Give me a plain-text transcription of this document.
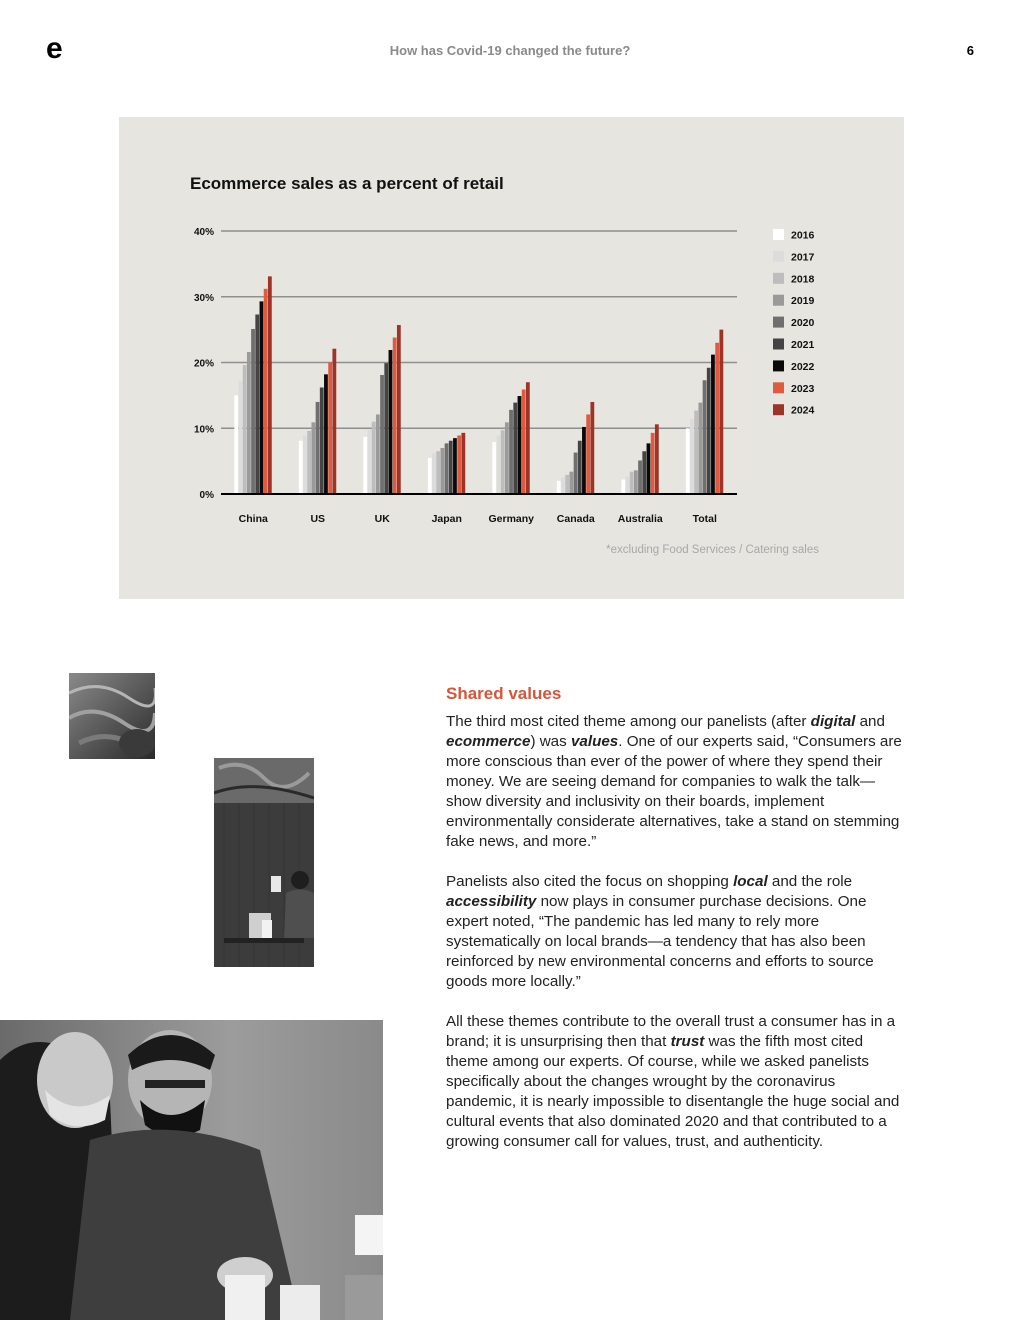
e	How has Covid-19 changed the future?	6
Ecommerce sales as a percent of retail
0%
10%
20%
30%
40%
China	US	UK	Japan	Germany Canada Australia	Total
2016
2017
2018
2019
2020
2021
2022
2023
2024
*excluding Food Services / Catering sales
Shared values

The third most cited theme among our panelists (after digital and ecommerce) was values. One of our experts said, “Consumers are more conscious than ever of the power of where they spend their money. We are seeing demand for companies to walk the talk—show diversity and inclusivity on their boards, implement environmentally considerate alternatives, take a stand on stemming fake news, and more.”

Panelists also cited the focus on shopping local and the role accessibility now plays in consumer purchase decisions. One expert noted, “The pandemic has led many to rely more systematically on local brands—a tendency that has also been reinforced by new environmental concerns and efforts to source goods more locally.”

All these themes contribute to the overall trust a consumer has in a brand; it is unsurprising then that trust was the fifth most cited theme among our experts. Of course, while we asked panelists specifically about the changes wrought by the coronavirus pandemic, it is nearly impossible to disentangle the huge social and cultural events that also dominated 2020 and that contributed to a growing consumer call for values, trust, and authenticity.
